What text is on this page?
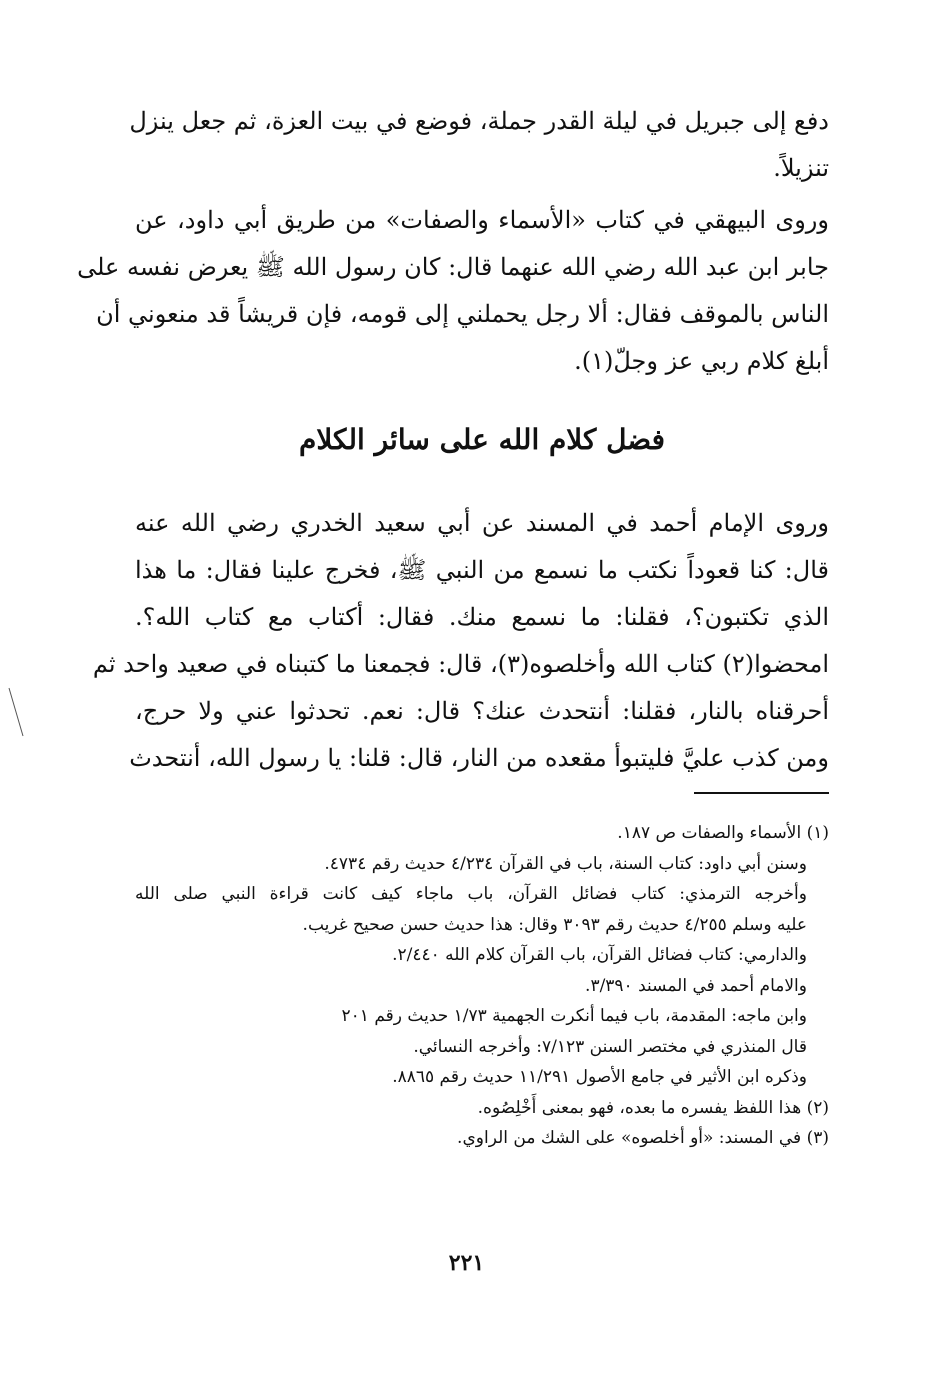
دفع إلى جبريل في ليلة القدر جملة، فوضع في بيت العزة، ثم جعل ينزل
تنزيلاً.
وروى البيهقي في كتاب «الأسماء والصفات» من طريق أبي داود، عن
جابر ابن عبد الله رضي الله عنهما قال: كان رسول الله ﷺ يعرض نفسه على
الناس بالموقف فقال: ألا رجل يحملني إلى قومه، فإن قريشاً قد منعوني أن
أبلغ كلام ربي عز وجلّ(١).
فضل كلام الله على سائر الكلام
وروى الإمام أحمد في المسند عن أبي سعيد الخدري رضي الله عنه
قال: كنا قعوداً نكتب ما نسمع من النبي ﷺ، فخرج علينا فقال: ما هذا
الذي تكتبون؟، فقلنا: ما نسمع منك. فقال: أكتاب مع كتاب الله؟.
امحضوا(٢) كتاب الله وأخلصوه(٣)، قال: فجمعنا ما كتبناه في صعيد واحد ثم
أحرقناه بالنار، فقلنا: أنتحدث عنك؟ قال: نعم. تحدثوا عني ولا حرج،
ومن كذب عليَّ فليتبوأ مقعده من النار، قال: قلنا: يا رسول الله، أنتحدث
(١) الأسماء والصفات ص ١٨٧.
وسنن أبي داود: كتاب السنة، باب في القرآن ٤/٢٣٤ حديث رقم ٤٧٣٤.
وأخرجه الترمذي: كتاب فضائل القرآن، باب ماجاء كيف كانت قراءة النبي صلى الله
عليه وسلم ٤/٢٥٥ حديث رقم ٣٠٩٣ وقال: هذا حديث حسن صحيح غريب.
والدارمي: كتاب فضائل القرآن، باب القرآن كلام الله ٢/٤٤٠.
والامام أحمد في المسند ٣/٣٩٠.
وابن ماجه: المقدمة، باب فيما أنكرت الجهمية ١/٧٣ حديث رقم ٢٠١
قال المنذري في مختصر السنن ٧/١٢٣: وأخرجه النسائي.
وذكره ابن الأثير في جامع الأصول ١١/٢٩١ حديث رقم ٨٨٦٥.
(٢) هذا اللفظ يفسره ما بعده، فهو بمعنى أَخْلِصُوه.
(٣) في المسند: «أو أخلصوه» على الشك من الراوي.
٢٢١
